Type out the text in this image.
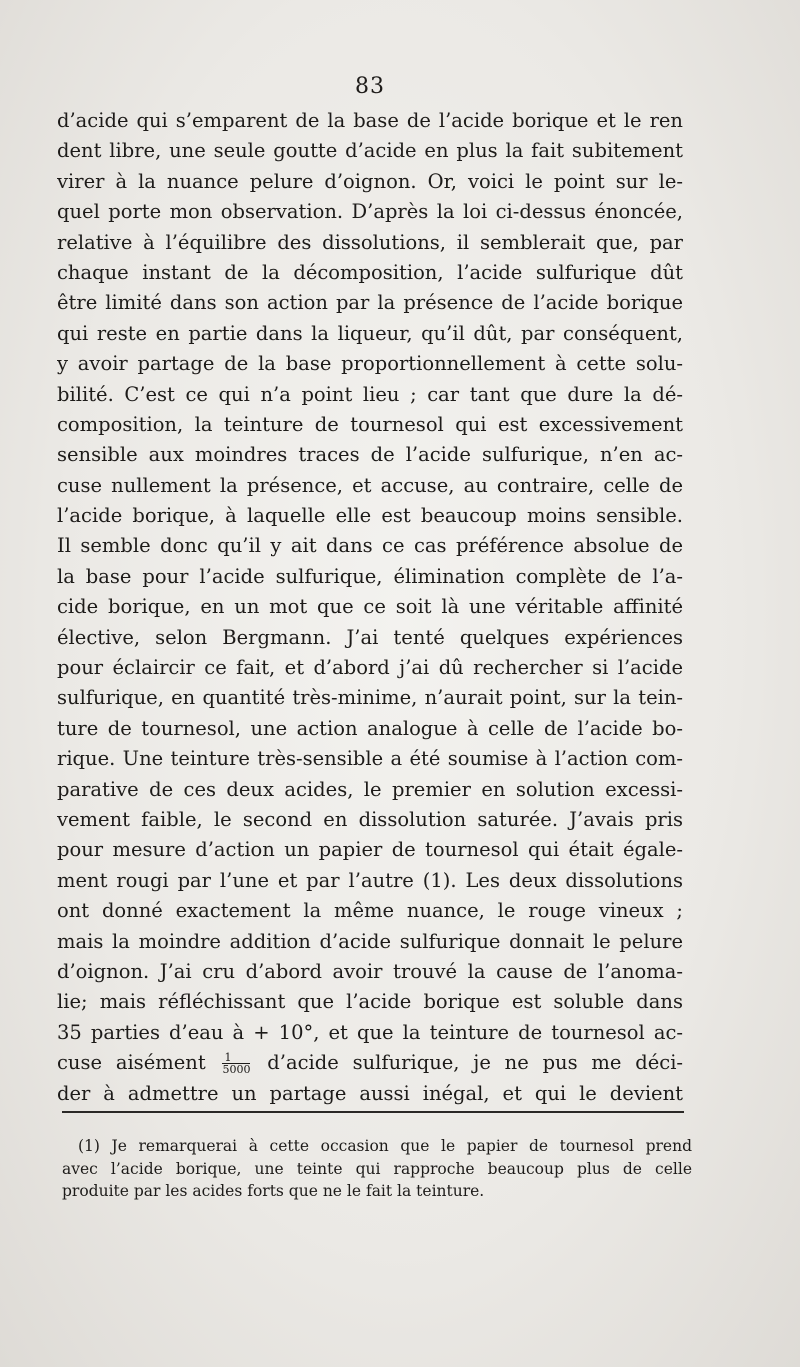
83
d’acide qui s’emparent de la base de l’acide borique et le ren
dent libre, une seule goutte d’acide en plus la fait subitement
virer à la nuance pelure d’oignon. Or, voici le point sur le-
quel porte mon observation. D’après la loi ci-dessus énoncée,
relative à l’équilibre des dissolutions, il semblerait que, par
chaque instant de la décomposition, l’acide sulfurique dût
être limité dans son action par la présence de l’acide borique
qui reste en partie dans la liqueur, qu’il dût, par conséquent,
y avoir partage de la base proportionnellement à cette solu-
bilité. C’est ce qui n’a point lieu ; car tant que dure la dé-
composition, la teinture de tournesol qui est excessivement
sensible aux moindres traces de l’acide sulfurique, n’en ac-
cuse nullement la présence, et accuse, au contraire, celle de
l’acide borique, à laquelle elle est beaucoup moins sensible.
Il semble donc qu’il y ait dans ce cas préférence absolue de
la base pour l’acide sulfurique, élimination complète de l’a-
cide borique, en un mot que ce soit là une véritable affinité
élective, selon Bergmann. J’ai tenté quelques expériences
pour éclaircir ce fait, et d’abord j’ai dû rechercher si l’acide
sulfurique, en quantité très-minime, n’aurait point, sur la tein-
ture de tournesol, une action analogue à celle de l’acide bo-
rique. Une teinture très-sensible a été soumise à l’action com-
parative de ces deux acides, le premier en solution excessi-
vement faible, le second en dissolution saturée. J’avais pris
pour mesure d’action un papier de tournesol qui était égale-
ment rougi par l’une et par l’autre (1). Les deux dissolutions
ont donné exactement la même nuance, le rouge vineux ;
mais la moindre addition d’acide sulfurique donnait le pelure
d’oignon. J’ai cru d’abord avoir trouvé la cause de l’anoma-
lie; mais réfléchissant que l’acide borique est soluble dans
35 parties d’eau à + 10°, et que la teinture de tournesol ac-
cuse aisément $\frac{1}{5000}$ d’acide sulfurique, je ne pus me déci-
der à admettre un partage aussi inégal, et qui le devient
(1) Je remarquerai à cette occasion que le papier de tournesol prend
avec l’acide borique, une teinte qui rapproche beaucoup plus de celle
produite par les acides forts que ne le fait la teinture.
